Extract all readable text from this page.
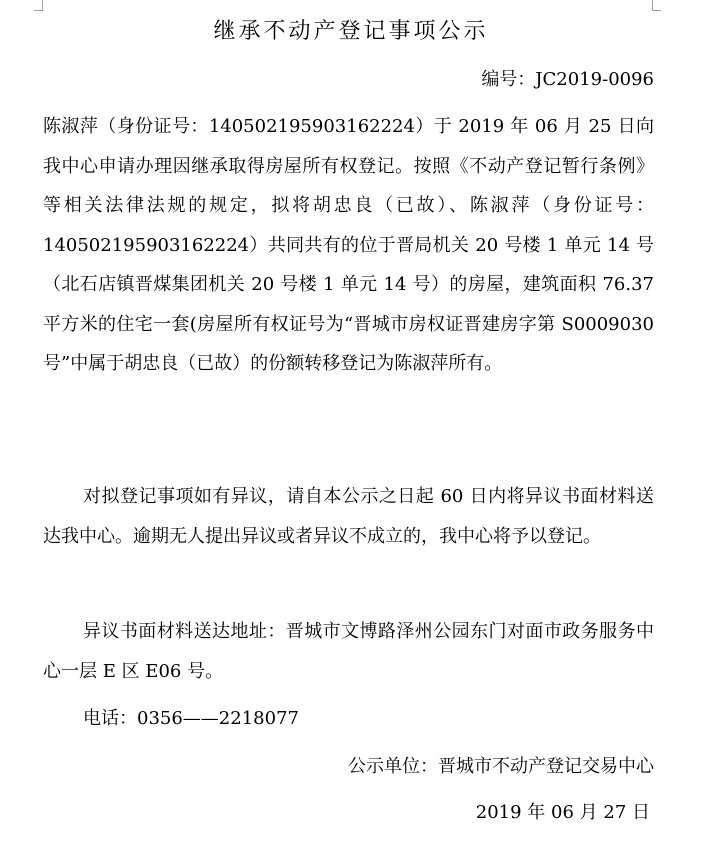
继承不动产登记事项公示
编号：JC2019-0096
陈淑萍（身份证号：140502195903162224）于 2019 年 06 月 25 日向我中心申请办理因继承取得房屋所有权登记。按照《不动产登记暂行条例》等相关法律法规的规定，拟将胡忠良（已故）、陈淑萍（身份证号：140502195903162224）共同共有的位于晋局机关 20 号楼 1 单元 14 号（北石店镇晋煤集团机关 20 号楼 1 单元 14 号）的房屋，建筑面积 76.37 平方米的住宅一套(房屋所有权证号为“晋城市房权证晋建房字第 S0009030 号”中属于胡忠良（已故）的份额转移登记为陈淑萍所有。
对拟登记事项如有异议，请自本公示之日起 60 日内将异议书面材料送达我中心。逾期无人提出异议或者异议不成立的，我中心将予以登记。
异议书面材料送达地址：晋城市文博路泽州公园东门对面市政务服务中心一层 E 区 E06 号。
电话：0356——2218077
公示单位：晋城市不动产登记交易中心
2019 年 06 月 27 日
